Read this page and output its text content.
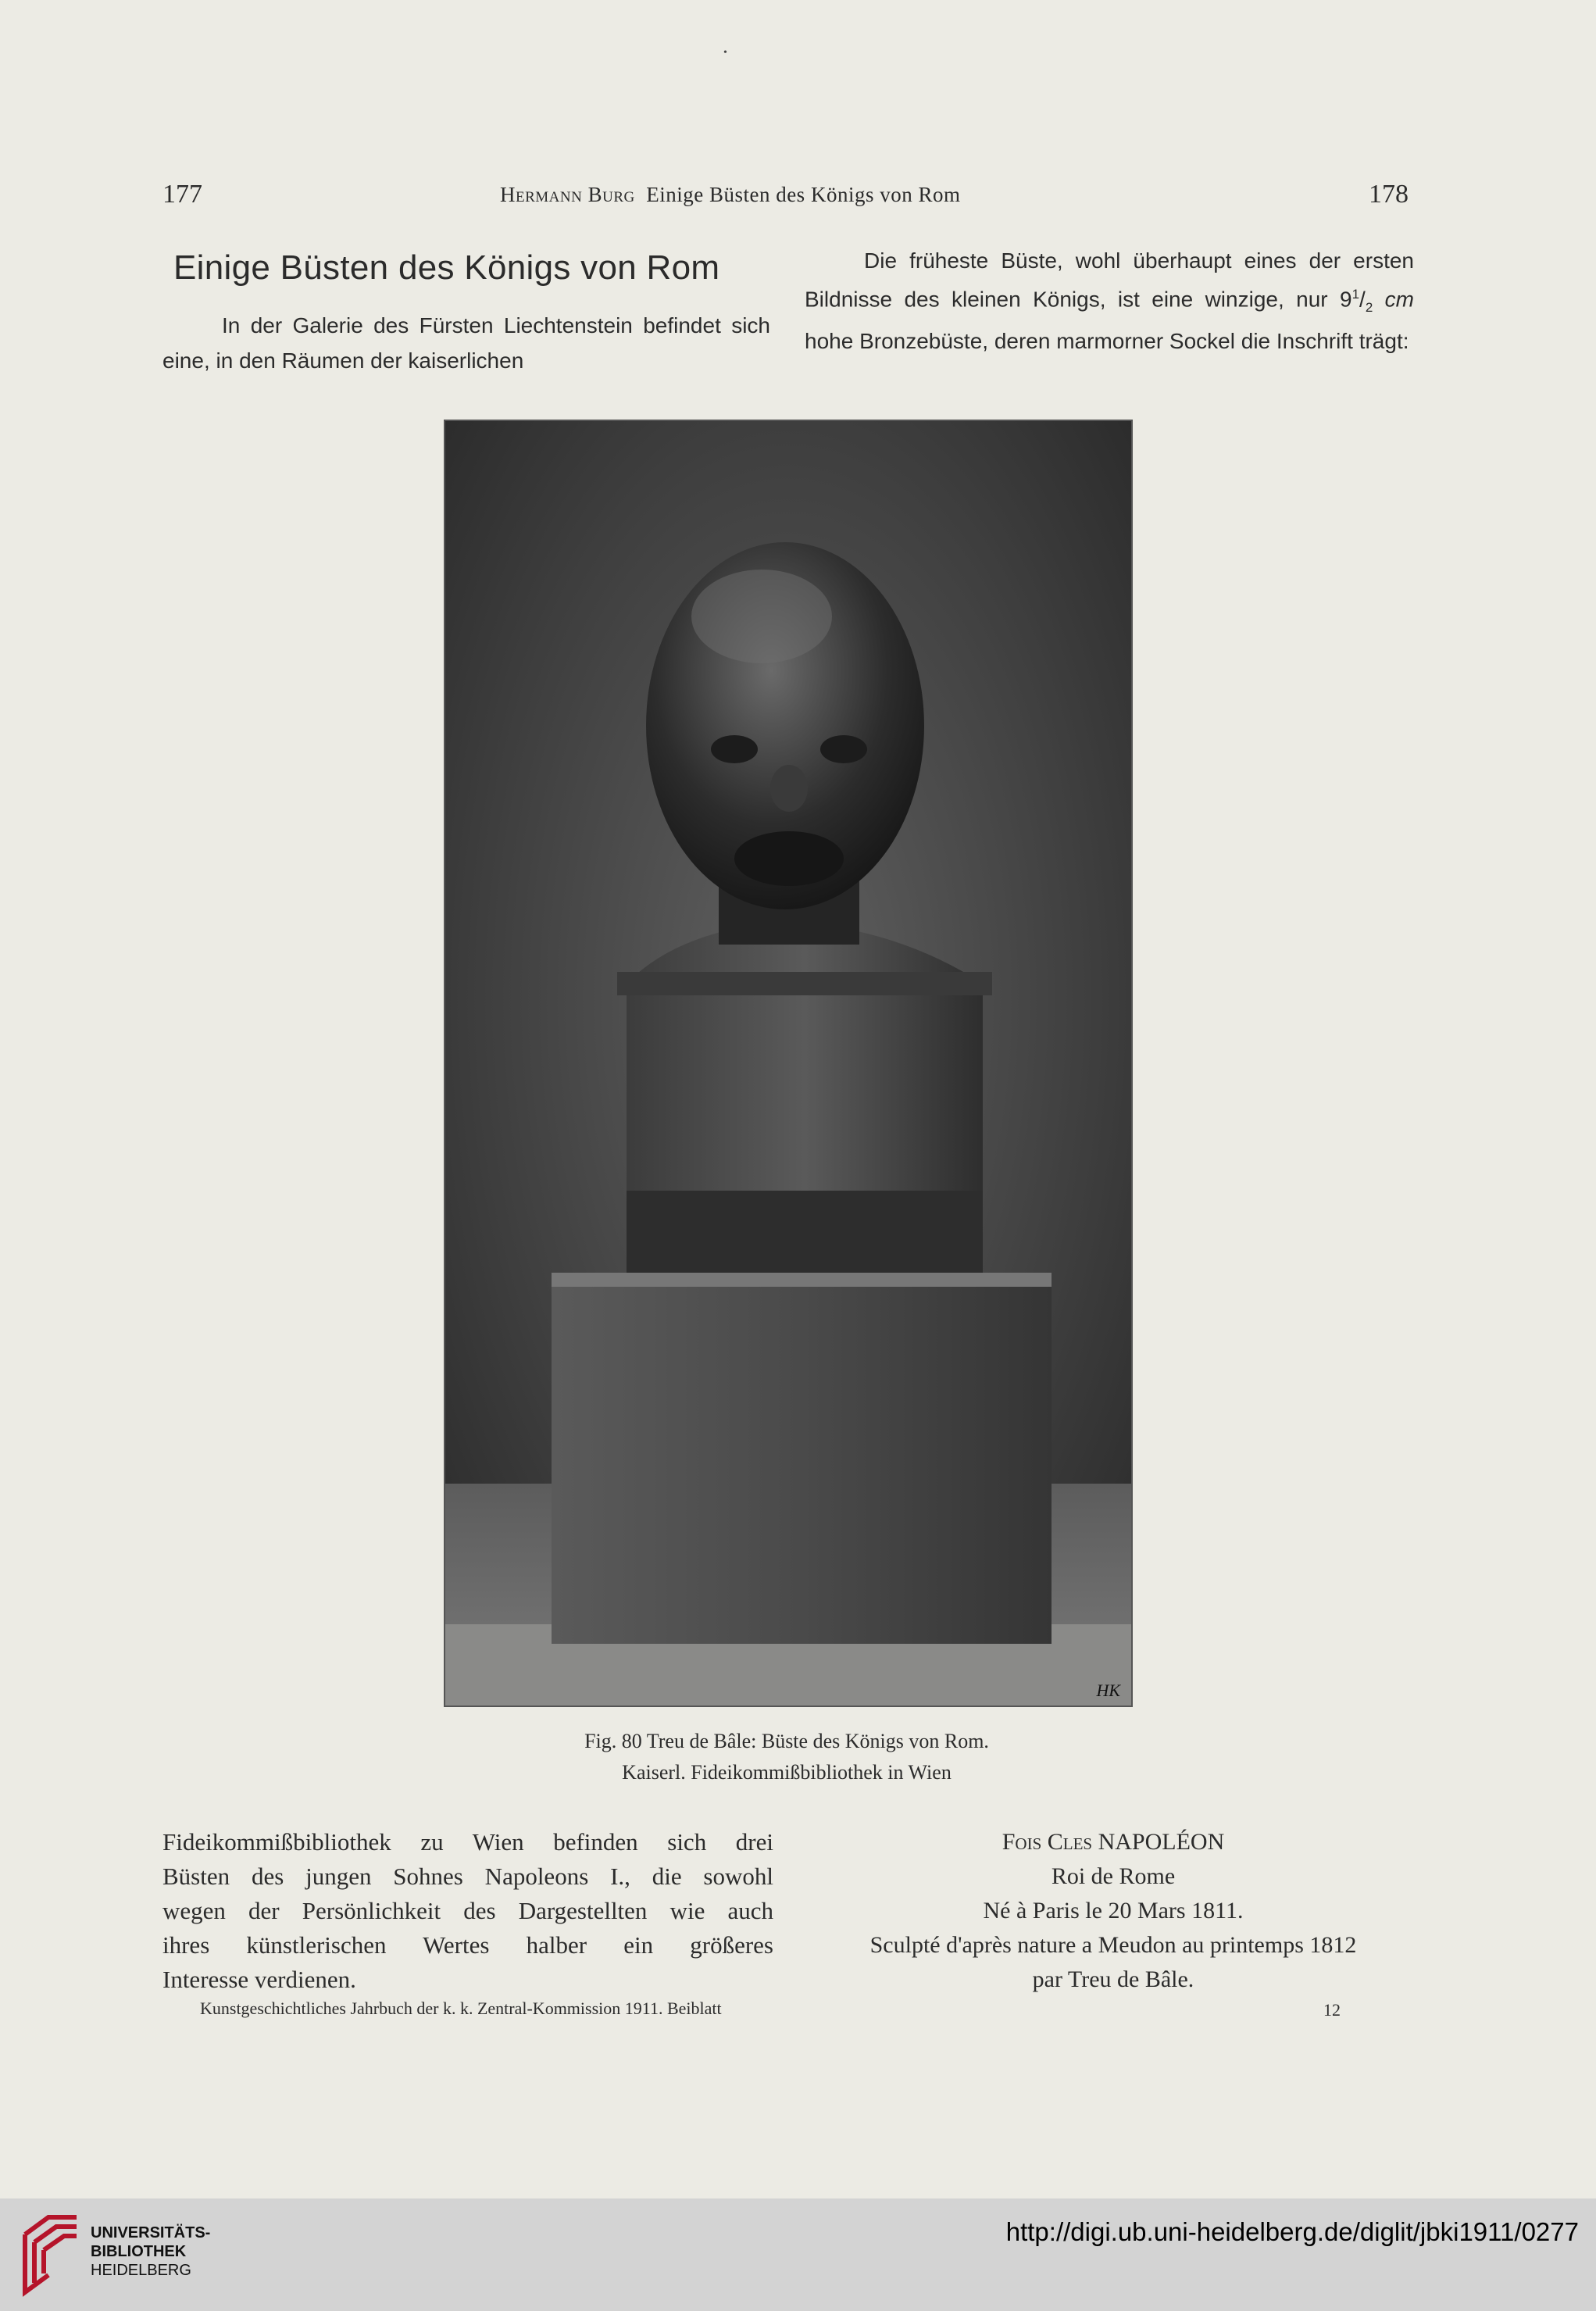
177	Hermann Burg Einige Büsten des Königs von Rom	178
•
Einige Büsten des Königs von Rom
In der Galerie des Fürsten Liechtenstein befindet sich eine, in den Räumen der kaiserlichen
Die früheste Büste, wohl überhaupt eines der ersten Bildnisse des kleinen Königs, ist eine winzige, nur $9^1/_2$ cm hohe Bronzebüste, deren marmorner Sockel die Inschrift trägt:
HK
Fig. 80 Treu de Bâle: Büste des Königs von Rom.
Kaiserl. Fideikommißbibliothek in Wien
Fideikommißbibliothek zu Wien befinden sich drei
Büsten des jungen Sohnes Napoleons I., die sowohl
wegen der Persönlichkeit des Dargestellten wie auch
ihres künstlerischen Wertes halber ein größeres
Interesse verdienen.
Fois Cles NAPOLÉON
Roi de Rome
Né à Paris le 20 Mars 1811.
Sculpté d'après nature a Meudon au printemps 1812
par Treu de Bâle.
Kunstgeschichtliches Jahrbuch der k. k. Zentral-Kommission 1911. Beiblatt	12
UNIVERSITÄTS-
BIBLIOTHEK
HEIDELBERG
http://digi.ub.uni-heidelberg.de/diglit/jbki1911/0277
